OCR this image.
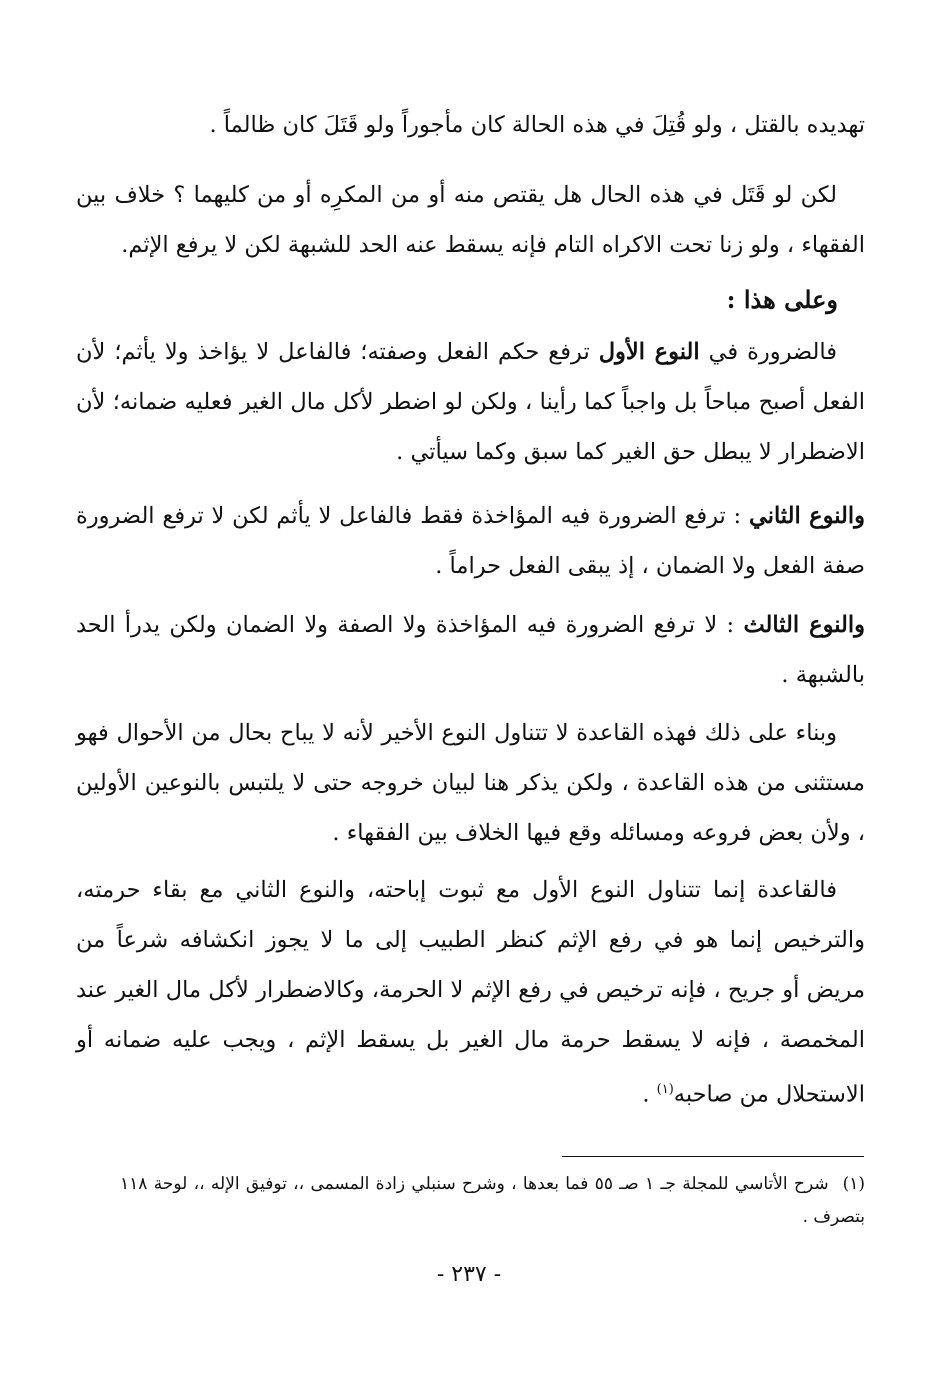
تهديده بالقتل ، ولو قُتِلَ في هذه الحالة كان مأجوراً ولو قَتَلَ كان ظالماً .

لكن لو قَتَل في هذه الحال هل يقتص منه أو من المكرِه أو من كليهما ؟ خلاف بين الفقهاء ، ولو زنا تحت الاكراه التام فإنه يسقط عنه الحد للشبهة لكن لا يرفع الإثم.

وعلى هذا :

فالضرورة في النوع الأول ترفع حكم الفعل وصفته؛ فالفاعل لا يؤاخذ ولا يأثم؛ لأن الفعل أصبح مباحاً بل واجباً كما رأينا ، ولكن لو اضطر لأكل مال الغير فعليه ضمانه؛ لأن الاضطرار لا يبطل حق الغير كما سبق وكما سيأتي .

والنوع الثاني : ترفع الضرورة فيه المؤاخذة فقط فالفاعل لا يأثم لكن لا ترفع الضرورة صفة الفعل ولا الضمان ، إذ يبقى الفعل حراماً .

والنوع الثالث : لا ترفع الضرورة فيه المؤاخذة ولا الصفة ولا الضمان ولكن يدرأ الحد بالشبهة .

وبناء على ذلك فهذه القاعدة لا تتناول النوع الأخير لأنه لا يباح بحال من الأحوال فهو مستثنى من هذه القاعدة ، ولكن يذكر هنا لبيان خروجه حتى لا يلتبس بالنوعين الأولين ، ولأن بعض فروعه ومسائله وقع فيها الخلاف بين الفقهاء .

فالقاعدة إنما تتناول النوع الأول مع ثبوت إباحته، والنوع الثاني مع بقاء حرمته، والترخيص إنما هو في رفع الإثم كنظر الطبيب إلى ما لا يجوز انكشافه شرعاً من مريض أو جريح ، فإنه ترخيص في رفع الإثم لا الحرمة، وكالاضطرار لأكل مال الغير عند المخمصة ، فإنه لا يسقط حرمة مال الغير بل يسقط الإثم ، ويجب عليه ضمانه أو الاستحلال من صاحبه$^{(١)}$ .

(١)شرح الأتاسي للمجلة جـ ١ صـ ٥٥ فما بعدها ، وشرح سنبلي زادة المسمى ،، توفيق الإله ،، لوحة ١١٨ بتصرف .

- ٢٣٧ -
